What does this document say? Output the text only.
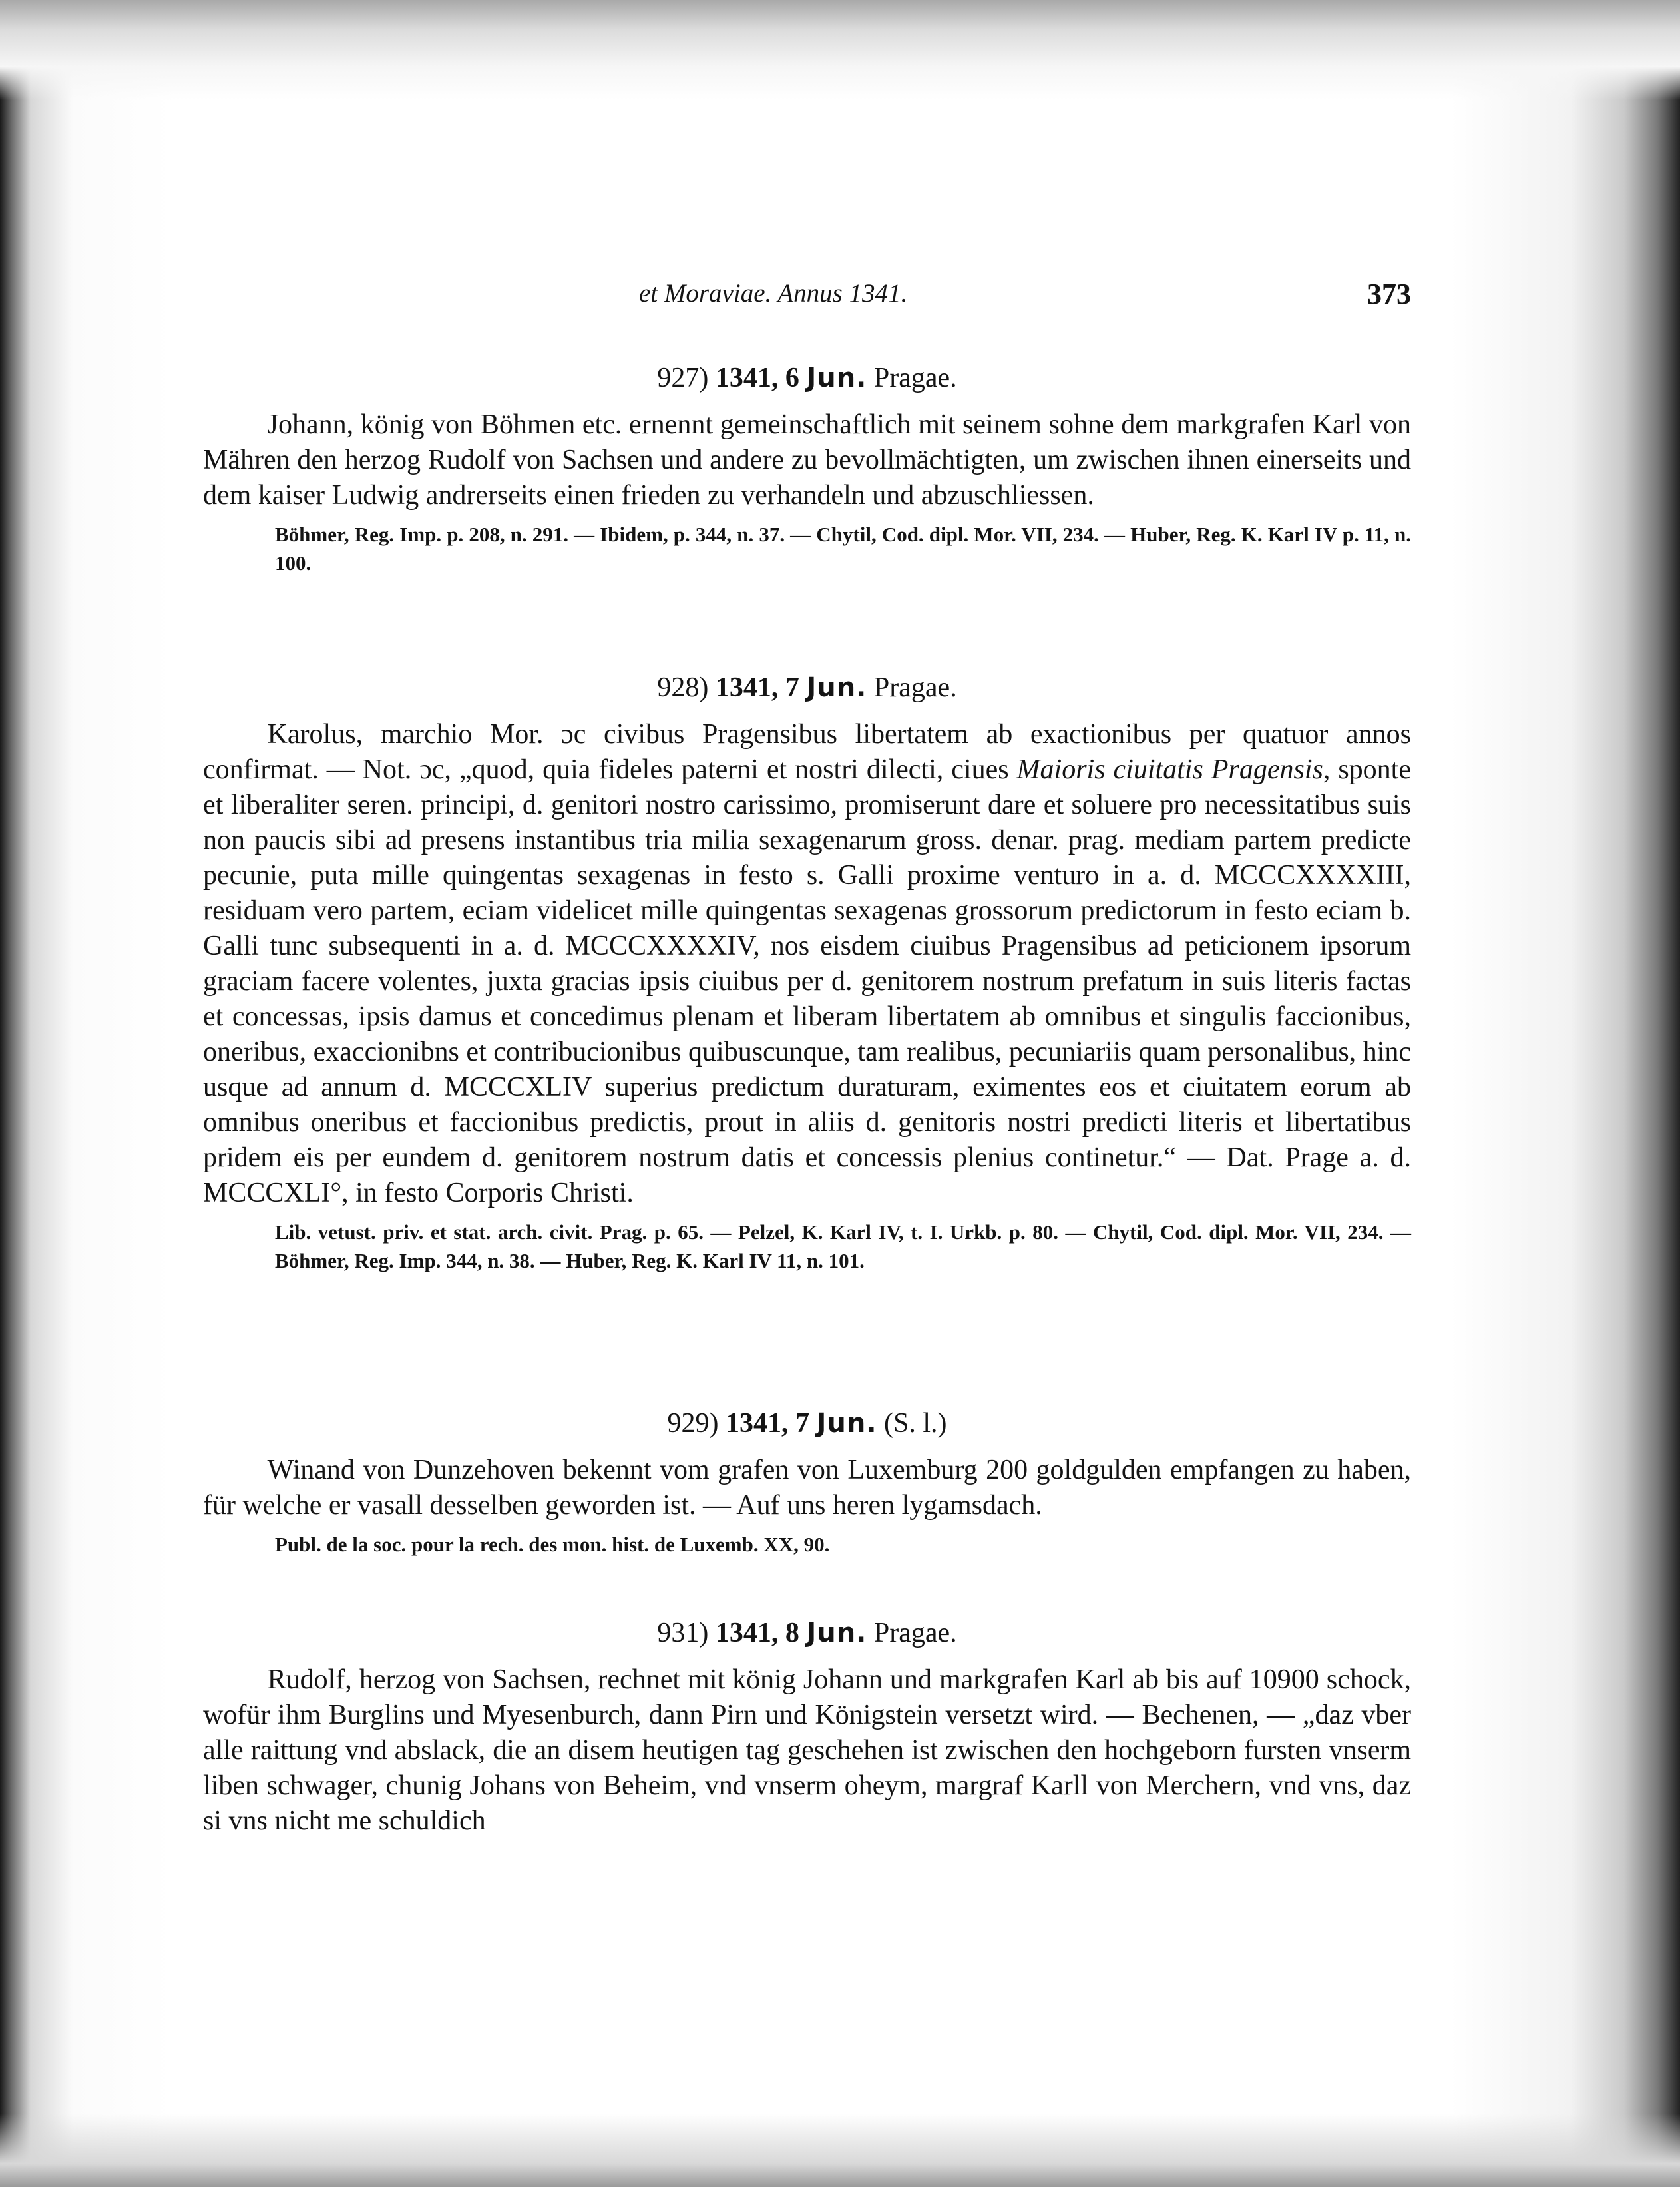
et Moraviae. Annus 1341.	373

927) 1341, 6 Jun. Pragae.

Johann, könig von Böhmen etc. ernennt gemeinschaftlich mit seinem sohne dem markgrafen Karl von Mähren den herzog Rudolf von Sachsen und andere zu bevollmächtigten, um zwischen ihnen einerseits und dem kaiser Ludwig andrerseits einen frieden zu verhandeln und abzuschliessen.

Böhmer, Reg. Imp. p. 208, n. 291. — Ibidem, p. 344, n. 37. — Chytil, Cod. dipl. Mor. VII, 234. — Huber, Reg. K. Karl IV p. 11, n. 100.

928) 1341, 7 Jun. Pragae.

Karolus, marchio Mor. ɔc civibus Pragensibus libertatem ab exactionibus per quatuor annos confirmat. — Not. ɔc, „quod, quia fideles paterni et nostri dilecti, ciues Maioris ciuitatis Pragensis, sponte et liberaliter seren. principi, d. genitori nostro carissimo, promiserunt dare et soluere pro necessitatibus suis non paucis sibi ad presens instantibus tria milia sexagenarum gross. denar. prag. mediam partem predicte pecunie, puta mille quingentas sexagenas in festo s. Galli proxime venturo in a. d. MCCCXXXXIII, residuam vero partem, eciam videlicet mille quingentas sexagenas grossorum predictorum in festo eciam b. Galli tunc subsequenti in a. d. MCCCXXXXIV, nos eisdem ciuibus Pragensibus ad peticionem ipsorum graciam facere volentes, juxta gracias ipsis ciuibus per d. genitorem nostrum prefatum in suis literis factas et concessas, ipsis damus et concedimus plenam et liberam libertatem ab omnibus et singulis faccionibus, oneribus, exaccionibns et contribucionibus quibuscunque, tam realibus, pecuniariis quam personalibus, hinc usque ad annum d. MCCCXLIV superius predictum duraturam, eximentes eos et ciuitatem eorum ab omnibus oneribus et faccionibus predictis, prout in aliis d. genitoris nostri predicti literis et libertatibus pridem eis per eundem d. genitorem nostrum datis et concessis plenius continetur.“ — Dat. Prage a. d. MCCCXLI°, in festo Corporis Christi.

Lib. vetust. priv. et stat. arch. civit. Prag. p. 65. — Pelzel, K. Karl IV, t. I. Urkb. p. 80. — Chytil, Cod. dipl. Mor. VII, 234. — Böhmer, Reg. Imp. 344, n. 38. — Huber, Reg. K. Karl IV 11, n. 101.

929) 1341, 7 Jun. (S. l.)

Winand von Dunzehoven bekennt vom grafen von Luxemburg 200 goldgulden empfangen zu haben, für welche er vasall desselben geworden ist. — Auf uns heren lygamsdach.

Publ. de la soc. pour la rech. des mon. hist. de Luxemb. XX, 90.

931) 1341, 8 Jun. Pragae.

Rudolf, herzog von Sachsen, rechnet mit könig Johann und markgrafen Karl ab bis auf 10900 schock, wofür ihm Burglins und Myesenburch, dann Pirn und Königstein versetzt wird. — Bechenen, — „daz vber alle raittung vnd abslack, die an disem heutigen tag geschehen ist zwischen den hochgeborn fursten vnserm liben schwager, chunig Johans von Beheim, vnd vnserm oheym, margraf Karll von Merchern, vnd vns, daz si vns nicht me schuldich
